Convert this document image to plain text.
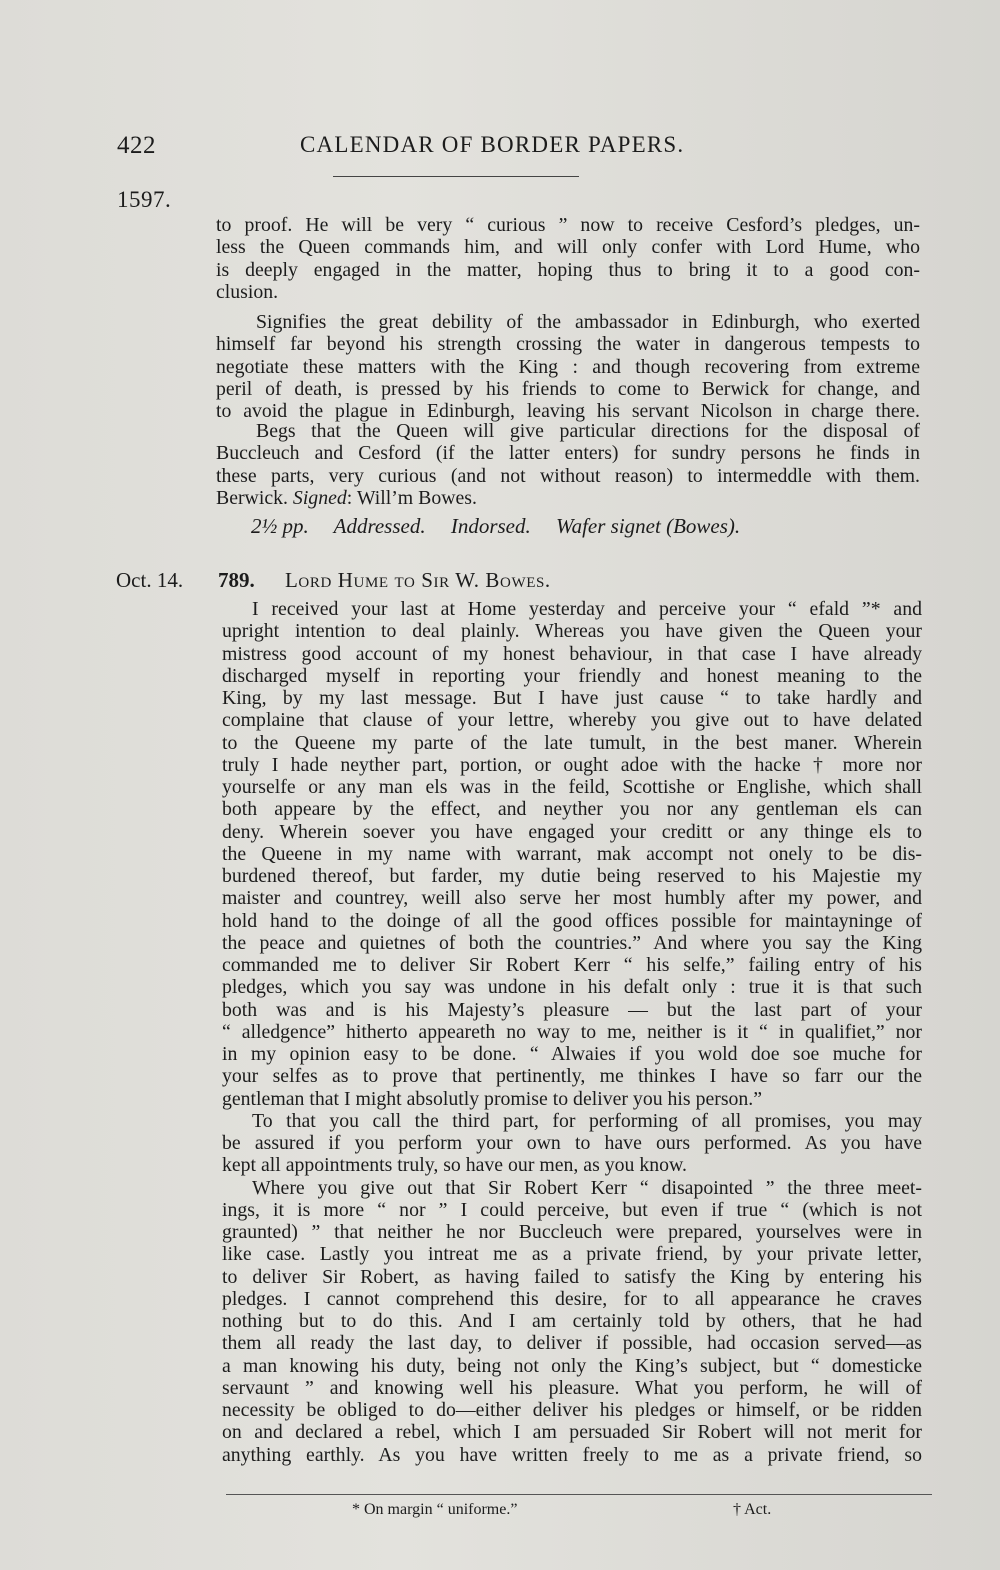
422	CALENDAR OF BORDER PAPERS.
1597.
to proof. He will be very “ curious ” now to receive Cesford’s pledges, un-
less the Queen commands him, and will only confer with Lord Hume, who
is deeply engaged in the matter, hoping thus to bring it to a good con-
clusion.
Signifies the great debility of the ambassador in Edinburgh, who exerted
himself far beyond his strength crossing the water in dangerous tempests to
negotiate these matters with the King : and though recovering from extreme
peril of death, is pressed by his friends to come to Berwick for change, and
to avoid the plague in Edinburgh, leaving his servant Nicolson in charge there.
Begs that the Queen will give particular directions for the disposal of
Buccleuch and Cesford (if the latter enters) for sundry persons he finds in
these parts, very curious (and not without reason) to intermeddle with them.
Berwick. Signed: Will’m Bowes.
2½ pp. Addressed. Indorsed. Wafer signet (Bowes).
Oct. 14. 789. Lord Hume to Sir W. Bowes.
I received your last at Home yesterday and perceive your “ efald ”* and
upright intention to deal plainly. Whereas you have given the Queen your
mistress good account of my honest behaviour, in that case I have already
discharged myself in reporting your friendly and honest meaning to the
King, by my last message. But I have just cause “ to take hardly and
complaine that clause of your lettre, whereby you give out to have delated
to the Queene my parte of the late tumult, in the best maner. Wherein
truly I hade neyther part, portion, or ought adoe with the hacke † more nor
yourselfe or any man els was in the feild, Scottishe or Englishe, which shall
both appeare by the effect, and neyther you nor any gentleman els can
deny. Wherein soever you have engaged your creditt or any thinge els to
the Queene in my name with warrant, mak accompt not onely to be dis-
burdened thereof, but farder, my dutie being reserved to his Majestie my
maister and countrey, weill also serve her most humbly after my power, and
hold hand to the doinge of all the good offices possible for maintayninge of
the peace and quietnes of both the countries.” And where you say the King
commanded me to deliver Sir Robert Kerr “ his selfe,” failing entry of his
pledges, which you say was undone in his defalt only : true it is that such
both was and is his Majesty’s pleasure — but the last part of your
“ alledgence” hitherto appeareth no way to me, neither is it “ in qualifiet,” nor
in my opinion easy to be done. “ Alwaies if you wold doe soe muche for
your selfes as to prove that pertinently, me thinkes I have so farr our the
gentleman that I might absolutly promise to deliver you his person.”
To that you call the third part, for performing of all promises, you may
be assured if you perform your own to have ours performed. As you have
kept all appointments truly, so have our men, as you know.
Where you give out that Sir Robert Kerr “ disapointed ” the three meet-
ings, it is more “ nor ” I could perceive, but even if true “ (which is not
graunted) ” that neither he nor Buccleuch were prepared, yourselves were in
like case. Lastly you intreat me as a private friend, by your private letter,
to deliver Sir Robert, as having failed to satisfy the King by entering his
pledges. I cannot comprehend this desire, for to all appearance he craves
nothing but to do this. And I am certainly told by others, that he had
them all ready the last day, to deliver if possible, had occasion served—as
a man knowing his duty, being not only the King’s subject, but “ domesticke
servaunt ” and knowing well his pleasure. What you perform, he will of
necessity be obliged to do—either deliver his pledges or himself, or be ridden
on and declared a rebel, which I am persuaded Sir Robert will not merit for
anything earthly. As you have written freely to me as a private friend, so
* On margin “ uniforme.”	† Act.
